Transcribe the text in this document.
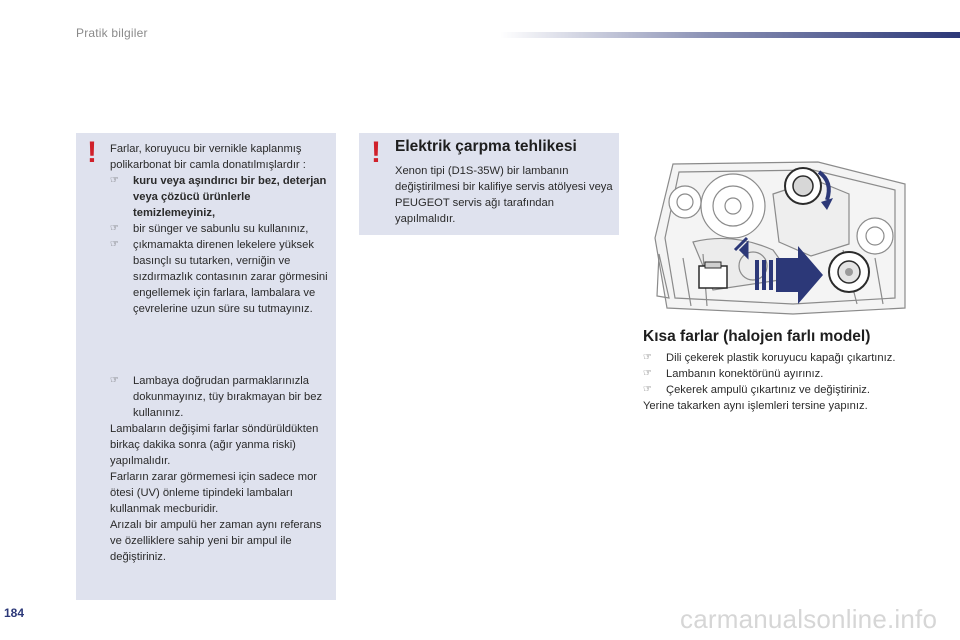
Pratik bilgiler
! Farlar, koruyucu bir vernikle kaplanmış polikarbonat bir camla donatılmışlardır :
☞ kuru veya aşındırıcı bir bez, deterjan veya çözücü ürünlerle temizlemeyiniz,
☞ bir sünger ve sabunlu su kullanınız,
☞ çıkmamakta direnen lekelere yüksek basınçlı su tutarken, verniğin ve sızdırmazlık contasının zarar görmesini engellemek için farlara, lambalara ve çevrelerine uzun süre su tutmayınız.
☞ Lambaya doğrudan parmaklarınızla dokunmayınız, tüy bırakmayan bir bez kullanınız.
Lambaların değişimi farlar söndürüldükten birkaç dakika sonra (ağır yanma riski) yapılmalıdır.
Farların zarar görmemesi için sadece mor ötesi (UV) önleme tipindeki lambaları kullanmak mecburidir.
Arızalı bir ampulü her zaman aynı referans ve özelliklere sahip yeni bir ampul ile değiştiriniz.
! Elektrik çarpma tehlikesi
Xenon tipi (D1S-35W) bir lambanın değiştirilmesi bir kalifiye servis atölyesi veya PEUGEOT servis ağı tarafından yapılmalıdır.
Kısa farlar (halojen farlı model)
☞ Dili çekerek plastik koruyucu kapağı çıkartınız.
☞ Lambanın konektörünü ayırınız.
☞ Çekerek ampulü çıkartınız ve değiştiriniz.
Yerine takarken aynı işlemleri tersine yapınız.
184	carmanualsonline.info
